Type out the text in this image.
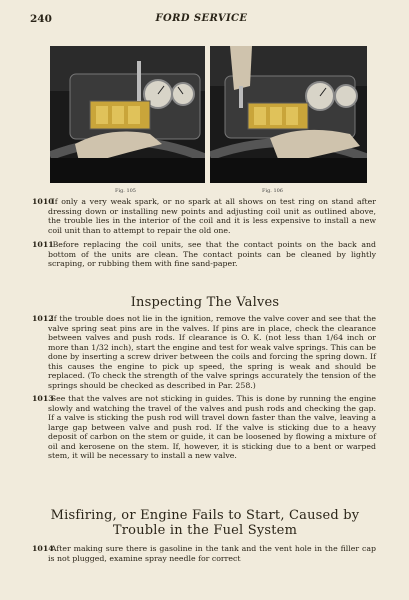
240	FORD SERVICE
Fig. 105	Fig. 106

1010 If only a very weak spark, or no spark at all shows on test ring on stand after dressing down or installing new points and adjusting coil unit as outlined above, the trouble lies in the interior of the coil and it is less expensive to install a new coil unit than to attempt to repair the old one.

1011 Before replacing the coil units, see that the contact points on the back and bottom of the units are clean. The contact points can be cleaned by lightly scraping, or rubbing them with fine sand-paper.

Inspecting The Valves

1012 If the trouble does not lie in the ignition, remove the valve cover and see that the valve spring seat pins are in the valves. If pins are in place, check the clearance between valves and push rods. If clearance is O. K. (not less than 1/64 inch or more than 1/32 inch), start the engine and test for weak valve springs. This can be done by inserting a screw driver between the coils and forcing the spring down. If this causes the engine to pick up speed, the spring is weak and should be replaced. (To check the strength of the valve springs accurately the tension of the springs should be checked as described in Par. 258.)

1013 See that the valves are not sticking in guides. This is done by running the engine slowly and watching the travel of the valves and push rods and checking the gap. If a valve is sticking the push rod will travel down faster than the valve, leaving a large gap between valve and push rod. If the valve is sticking due to a heavy deposit of carbon on the stem or guide, it can be loosened by flowing a mixture of oil and kerosene on the stem. If, however, it is sticking due to a bent or warped stem, it will be necessary to install a new valve.

Misfiring, or Engine Fails to Start, Caused by Trouble in the Fuel System

1014 After making sure there is gasoline in the tank and the vent hole in the filler cap is not plugged, examine spray needle for correct
